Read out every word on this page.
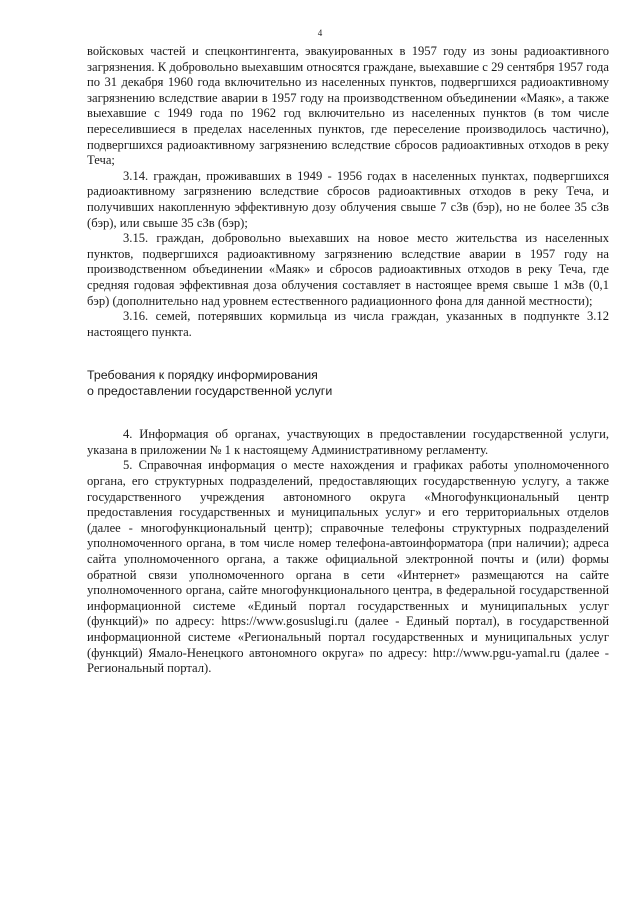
4

войсковых частей и спецконтингента, эвакуированных в 1957 году из зоны радиоактивного загрязнения. К добровольно выехавшим относятся граждане, выехавшие с 29 сентября 1957 года по 31 декабря 1960 года включительно из населенных пунктов, подвергшихся радиоактивному загрязнению вследствие аварии в 1957 году на производственном объединении «Маяк», а также выехавшие с 1949 года по 1962 год включительно из населенных пунктов (в том числе переселившиеся в пределах населенных пунктов, где переселение производилось частично), подвергшихся радиоактивному загрязнению вследствие сбросов радиоактивных отходов в реку Теча;

3.14. граждан, проживавших в 1949 - 1956 годах в населенных пунктах, подвергшихся радиоактивному загрязнению вследствие сбросов радиоактивных отходов в реку Теча, и получивших накопленную эффективную дозу облучения свыше 7 сЗв (бэр), но не более 35 сЗв (бэр), или свыше 35 сЗв (бэр);

3.15. граждан, добровольно выехавших на новое место жительства из населенных пунктов, подвергшихся радиоактивному загрязнению вследствие аварии в 1957 году на производственном объединении «Маяк» и сбросов радиоактивных отходов в реку Теча, где средняя годовая эффективная доза облучения составляет в настоящее время свыше 1 мЗв (0,1 бэр) (дополнительно над уровнем естественного радиационного фона для данной местности);

3.16. семей, потерявших кормильца из числа граждан, указанных в подпункте 3.12 настоящего пункта.

Требования к порядку информирования

о предоставлении государственной услуги

4. Информация об органах, участвующих в предоставлении государственной услуги, указана в приложении № 1 к настоящему Административному регламенту.

5. Справочная информация о месте нахождения и графиках работы уполномоченного органа, его структурных подразделений, предоставляющих государственную услугу, а также государственного учреждения автономного округа «Многофункциональный центр предоставления государственных и муниципальных услуг» и его территориальных отделов (далее - многофункциональный центр); справочные телефоны структурных подразделений уполномоченного органа, в том числе номер телефона-автоинформатора (при наличии); адреса сайта уполномоченного органа, а также официальной электронной почты и (или) формы обратной связи уполномоченного органа в сети «Интернет» размещаются на сайте уполномоченного органа, сайте многофункционального центра, в федеральной государственной информационной системе «Единый портал государственных и муниципальных услуг (функций)» по адресу: https://www.gosuslugi.ru (далее - Единый портал), в государственной информационной системе «Региональный портал государственных и муниципальных услуг (функций) Ямало-Ненецкого автономного округа» по адресу: http://www.pgu-yamal.ru (далее - Региональный портал).
